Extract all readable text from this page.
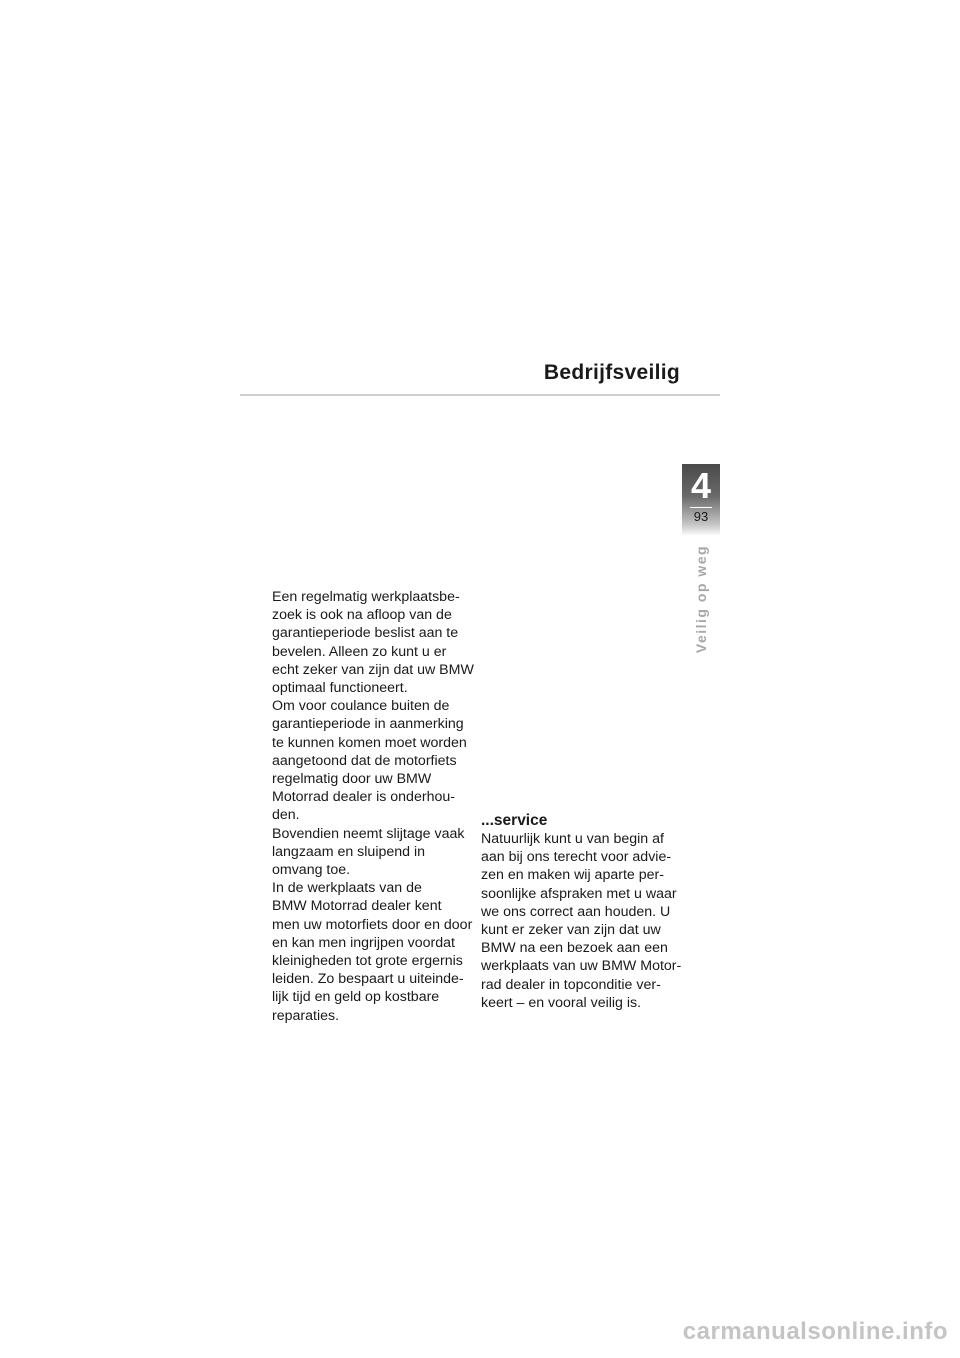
Bedrijfsveilig
4
93
Veilig op weg
Een regelmatig werkplaatsbe-
zoek is ook na afloop van de
garantieperiode beslist aan te
bevelen. Alleen zo kunt u er
echt zeker van zijn dat uw BMW
optimaal functioneert.
Om voor coulance buiten de
garantieperiode in aanmerking
te kunnen komen moet worden
aangetoond dat de motorfiets
regelmatig door uw BMW
Motorrad dealer is onderhou-
den.
Bovendien neemt slijtage vaak
langzaam en sluipend in
omvang toe.
In de werkplaats van de
BMW Motorrad dealer kent
men uw motorfiets door en door
en kan men ingrijpen voordat
kleinigheden tot grote ergernis
leiden. Zo bespaart u uiteinde-
lijk tijd en geld op kostbare
reparaties.
...service
Natuurlijk kunt u van begin af
aan bij ons terecht voor advie-
zen en maken wij aparte per-
soonlijke afspraken met u waar
we ons correct aan houden. U
kunt er zeker van zijn dat uw
BMW na een bezoek aan een
werkplaats van uw BMW Motor-
rad dealer in topconditie ver-
keert – en vooral veilig is.
carmanualsonline.info
